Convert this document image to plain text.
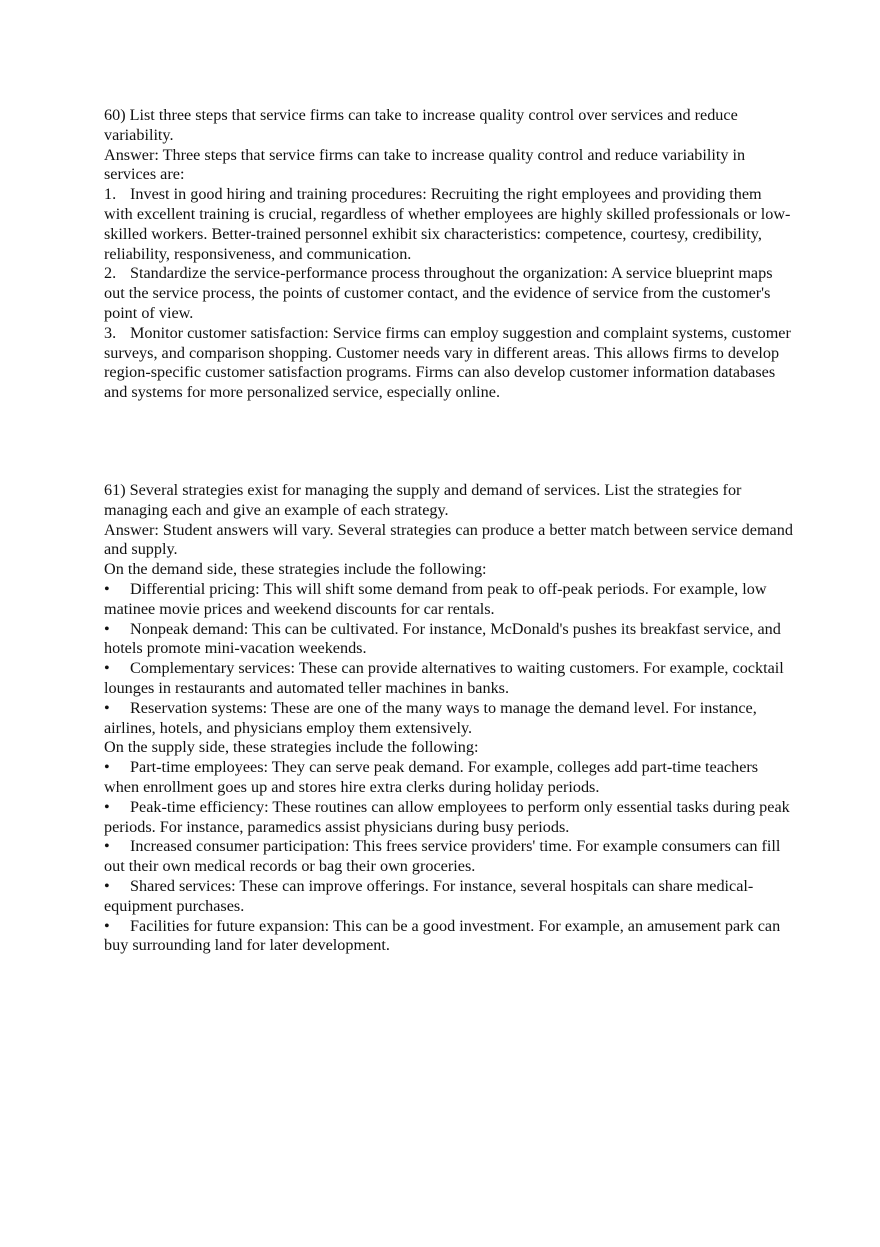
60) List three steps that service firms can take to increase quality control over services and reduce variability.

Answer: Three steps that service firms can take to increase quality control and reduce variability in services are:

1. Invest in good hiring and training procedures: Recruiting the right employees and providing them with excellent training is crucial, regardless of whether employees are highly skilled professionals or low-skilled workers. Better-trained personnel exhibit six characteristics: competence, courtesy, credibility, reliability, responsiveness, and communication.

2. Standardize the service-performance process throughout the organization: A service blueprint maps out the service process, the points of customer contact, and the evidence of service from the customer's point of view.

3. Monitor customer satisfaction: Service firms can employ suggestion and complaint systems, customer surveys, and comparison shopping. Customer needs vary in different areas. This allows firms to develop region-specific customer satisfaction programs. Firms can also develop customer information databases and systems for more personalized service, especially online.

61) Several strategies exist for managing the supply and demand of services. List the strategies for managing each and give an example of each strategy.

Answer: Student answers will vary. Several strategies can produce a better match between service demand and supply.

On the demand side, these strategies include the following:

• Differential pricing: This will shift some demand from peak to off-peak periods. For example, low matinee movie prices and weekend discounts for car rentals.

• Nonpeak demand: This can be cultivated. For instance, McDonald's pushes its breakfast service, and hotels promote mini-vacation weekends.

• Complementary services: These can provide alternatives to waiting customers. For example, cocktail lounges in restaurants and automated teller machines in banks.

• Reservation systems: These are one of the many ways to manage the demand level. For instance, airlines, hotels, and physicians employ them extensively.

On the supply side, these strategies include the following:

• Part-time employees: They can serve peak demand. For example, colleges add part-time teachers when enrollment goes up and stores hire extra clerks during holiday periods.

• Peak-time efficiency: These routines can allow employees to perform only essential tasks during peak periods. For instance, paramedics assist physicians during busy periods.

• Increased consumer participation: This frees service providers' time. For example consumers can fill out their own medical records or bag their own groceries.

• Shared services: These can improve offerings. For instance, several hospitals can share medical-equipment purchases.

• Facilities for future expansion: This can be a good investment. For example, an amusement park can buy surrounding land for later development.
